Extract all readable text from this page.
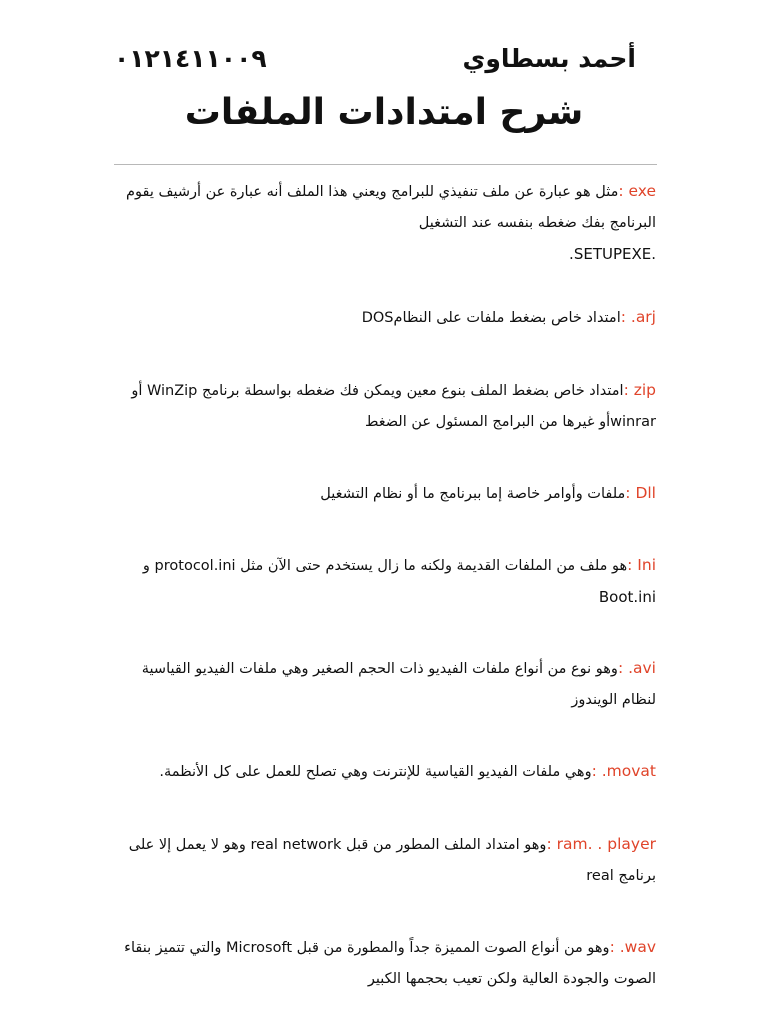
أحمد بسطاوي
٠١٢١٤١١٠٠٩
شرح امتدادات الملفات
exe :مثل هو عبارة عن ملف تنفيذي للبرامج ويعني هذا الملف أنه عبارة عن أرشيف يقوم البرنامج بفك ضغطه بنفسه عند التشغيل
.SETUPEXE.
arj. :امتداد خاص بضغط ملفات على النظامDOS
zip :امتداد خاص بضغط الملف بنوع معين ويمكن فك ضغطه بواسطة برنامج WinZip أو winrarأو غيرها من البرامج المسئول عن الضغط
Dll :ملفات وأوامر خاصة إما ببرنامج ما أو نظام التشغيل
Ini :هو ملف من الملفات القديمة ولكنه ما زال يستخدم حتى الآن مثل protocol.ini و
Boot.ini
avi. :وهو نوع من أنواع ملفات الفيديو ذات الحجم الصغير وهي ملفات الفيديو القياسية لنظام الويندوز
movat. :وهي ملفات الفيديو القياسية للإنترنت وهي تصلح للعمل على كل الأنظمة.
ram. . player :وهو امتداد الملف المطور من قبل real network وهو لا يعمل إلا على برنامج real
wav. :وهو من أنواع الصوت المميزة جداً والمطورة من قبل Microsoft والتي تتميز بنقاء الصوت والجودة العالية ولكن تعيب بحجمها الكبير
